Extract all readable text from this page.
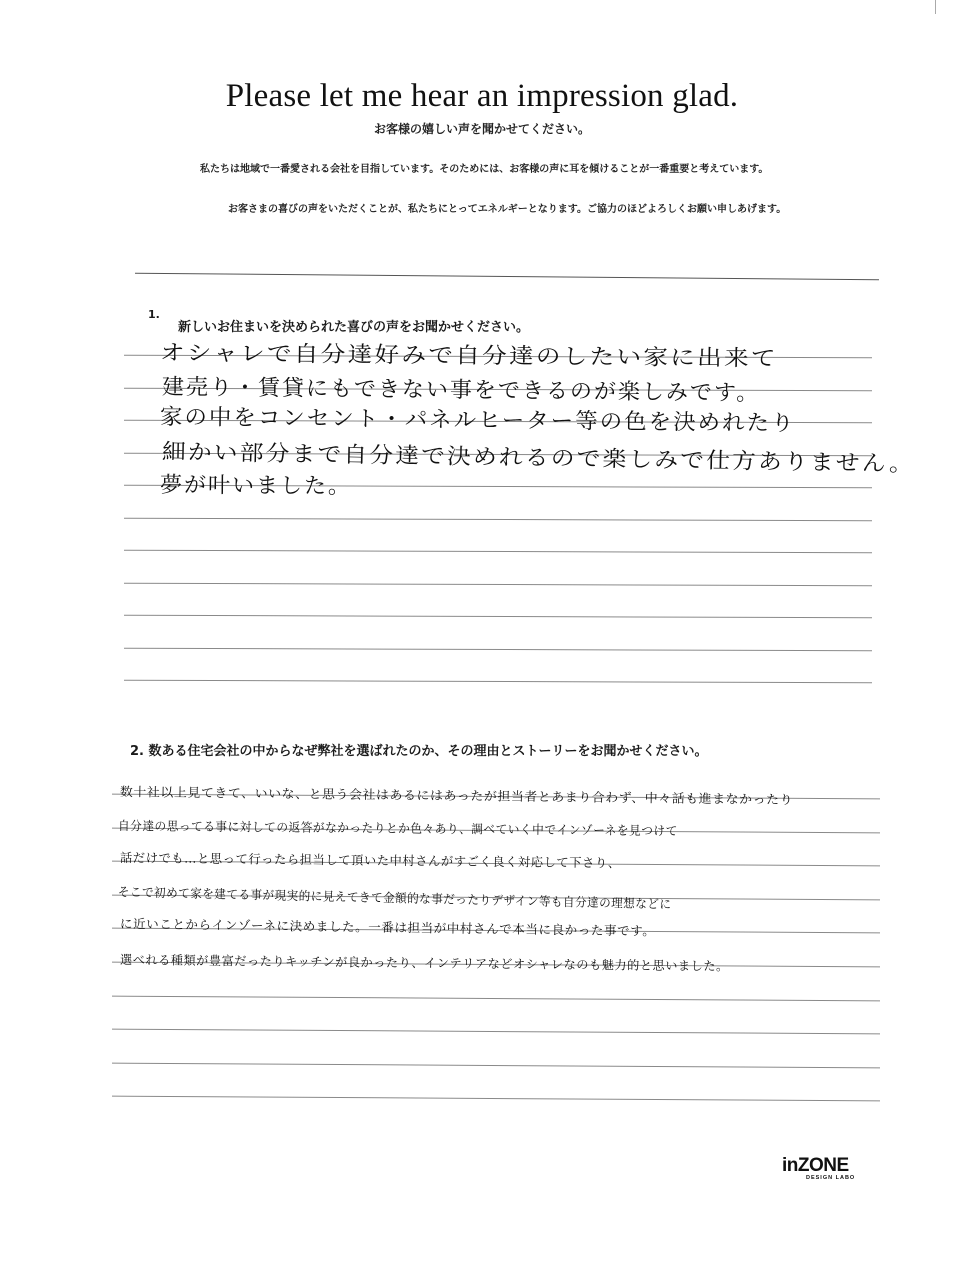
Please let me hear an impression glad.
お客様の嬉しい声を聞かせてください。
私たちは地域で一番愛される会社を目指しています。そのためには、お客様の声に耳を傾けることが一番重要と考えています。
お客さまの喜びの声をいただくことが、私たちにとってエネルギーとなります。ご協力のほどよろしくお願い申しあげます。
1.
新しいお住まいを決められた喜びの声をお聞かせください。
オシャレで自分達好みで自分達のしたい家に出来て
建売り・賃貸にもできない事をできるのが楽しみです。
家の中をコンセント・パネルヒーター等の色を決めれたり
細かい部分まで自分達で決めれるので楽しみで仕方ありません。
夢が叶いました。
2. 数ある住宅会社の中からなぜ弊社を選ばれたのか、その理由とストーリーをお聞かせください。
数十社以上見てきて、いいな、と思う会社はあるにはあったが担当者とあまり合わず、中々話も進まなかったり
自分達の思ってる事に対しての返答がなかったりとか色々あり、調べていく中でインゾーネを見つけて
話だけでも…と思って行ったら担当して頂いた中村さんがすごく良く対応して下さり、
そこで初めて家を建てる事が現実的に見えてきて金額的な事だったりデザイン等も自分達の理想などに
に近いことからインゾーネに決めました。一番は担当が中村さんで本当に良かった事です。
選べれる種類が豊富だったりキッチンが良かったり、インテリアなどオシャレなのも魅力的と思いました。
inZONE
DESIGN LABO
